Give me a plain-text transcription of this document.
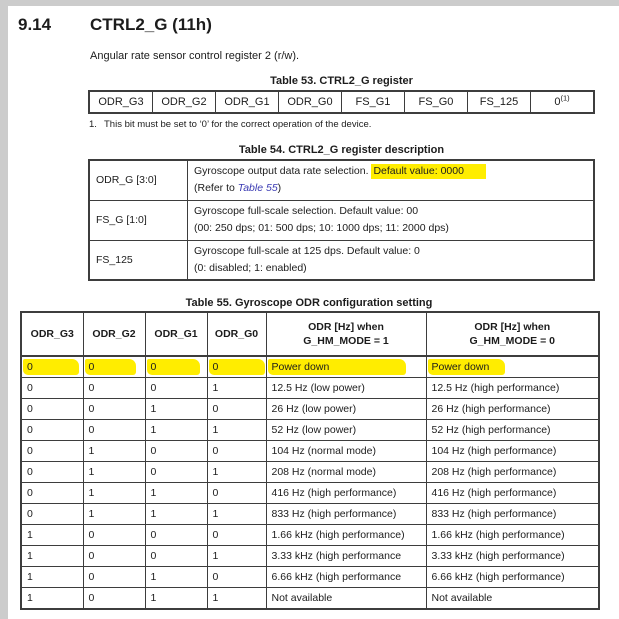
9.14 CTRL2_G (11h)
Angular rate sensor control register 2 (r/w).
Table 53. CTRL2_G register
ODR_G3	ODR_G2	ODR_G1	ODR_G0	FS_G1	FS_G0	FS_125	0$^{(1)}$
1. This bit must be set to ‘0’ for the correct operation of the device.
Table 54. CTRL2_G register description
ODR_G [3:0]	Gyroscope output data rate selection. Default value: 0000
(Refer to Table 55)

FS_G [1:0]	Gyroscope full-scale selection. Default value: 00
(00: 250 dps; 01: 500 dps; 10: 1000 dps; 11: 2000 dps)

FS_125	Gyroscope full-scale at 125 dps. Default value: 0
(0: disabled; 1: enabled)
Table 55. Gyroscope ODR configuration setting
ODR_G3	ODR_G2	ODR_G1	ODR_G0	
ODR [Hz] when
G_HM_MODE = 1

ODR [Hz] when
G_HM_MODE = 0

0	0	0	0	Power down	Power down
0	0	0	1	12.5 Hz (low power)	12.5 Hz (high performance)
0	0	1	0	26 Hz (low power)	26 Hz (high performance)
0	0	1	1	52 Hz (low power)	52 Hz (high performance)
0	1	0	0	104 Hz (normal mode)	104 Hz (high performance)
0	1	0	1	208 Hz (normal mode)	208 Hz (high performance)
0	1	1	0	416 Hz (high performance)	416 Hz (high performance)
0	1	1	1	833 Hz (high performance)	833 Hz (high performance)
1	0	0	0	1.66 kHz (high performance)	1.66 kHz (high performance)
1	0	0	1	3.33 kHz (high performance	3.33 kHz (high performance)
1	0	1	0	6.66 kHz (high performance	6.66 kHz (high performance)
1	0	1	1	Not available	Not available
